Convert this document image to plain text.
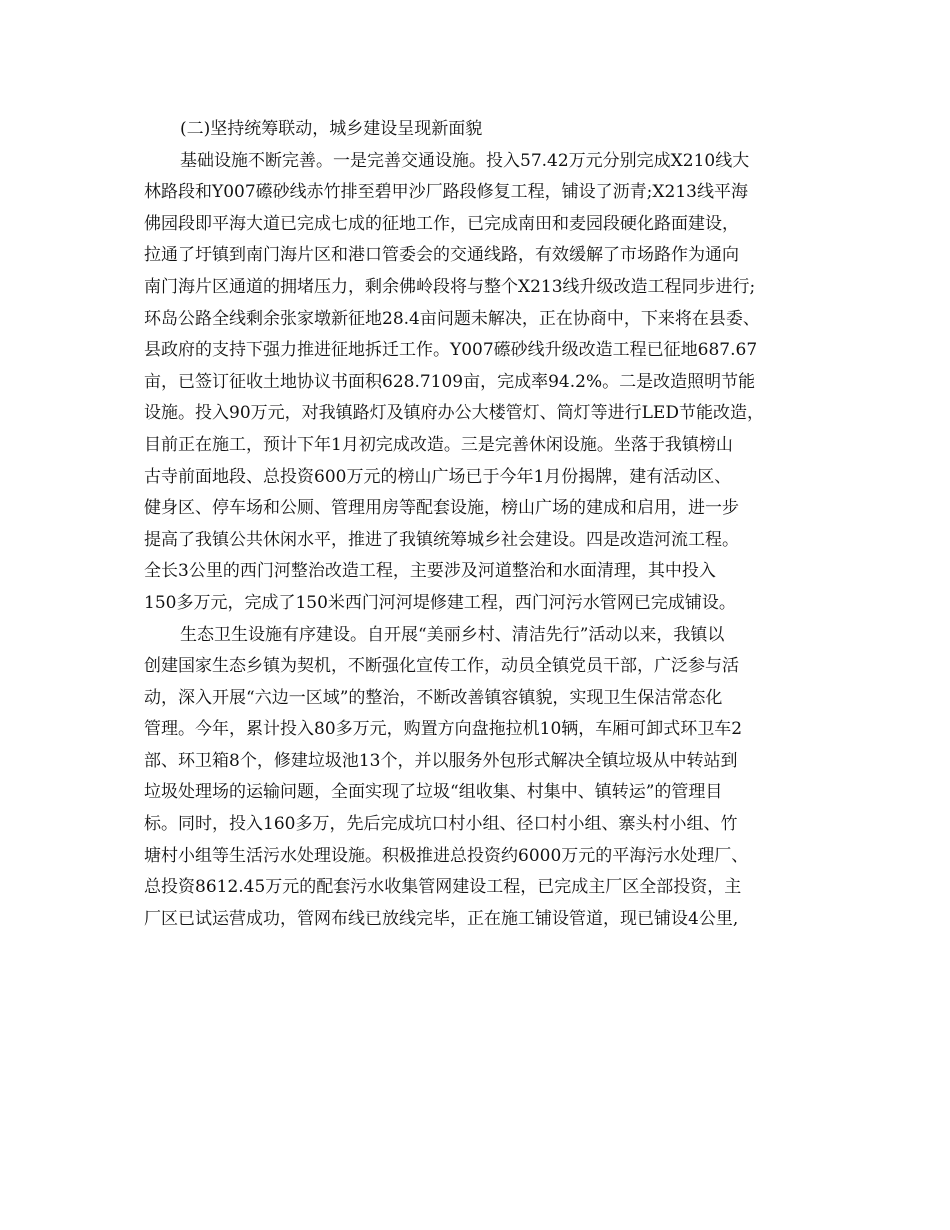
(二)坚持统筹联动，城乡建设呈现新面貌
基础设施不断完善。一是完善交通设施。投入57.42万元分别完成X210线大
林路段和Y007礤砂线赤竹排至碧甲沙厂路段修复工程，铺设了沥青;X213线平海
佛园段即平海大道已完成七成的征地工作，已完成南田和麦园段硬化路面建设，
拉通了圩镇到南门海片区和港口管委会的交通线路，有效缓解了市场路作为通向
南门海片区通道的拥堵压力，剩余佛岭段将与整个X213线升级改造工程同步进行;
环岛公路全线剩余张家墩新征地28.4亩问题未解决，正在协商中，下来将在县委、
县政府的支持下强力推进征地拆迁工作。Y007礤砂线升级改造工程已征地687.67
亩，已签订征收土地协议书面积628.7109亩，完成率94.2%。二是改造照明节能
设施。投入90万元，对我镇路灯及镇府办公大楼管灯、筒灯等进行LED节能改造，
目前正在施工，预计下年1月初完成改造。三是完善休闲设施。坐落于我镇榜山
古寺前面地段、总投资600万元的榜山广场已于今年1月份揭牌，建有活动区、
健身区、停车场和公厕、管理用房等配套设施，榜山广场的建成和启用，进一步
提高了我镇公共休闲水平，推进了我镇统筹城乡社会建设。四是改造河流工程。
全长3公里的西门河整治改造工程，主要涉及河道整治和水面清理，其中投入
150多万元，完成了150米西门河河堤修建工程，西门河污水管网已完成铺设。
生态卫生设施有序建设。自开展“美丽乡村、清洁先行”活动以来，我镇以
创建国家生态乡镇为契机，不断强化宣传工作，动员全镇党员干部，广泛参与活
动，深入开展“六边一区域”的整治，不断改善镇容镇貌，实现卫生保洁常态化
管理。今年，累计投入80多万元，购置方向盘拖拉机10辆，车厢可卸式环卫车2
部、环卫箱8个，修建垃圾池13个，并以服务外包形式解决全镇垃圾从中转站到
垃圾处理场的运输问题，全面实现了垃圾“组收集、村集中、镇转运”的管理目
标。同时，投入160多万，先后完成坑口村小组、径口村小组、寨头村小组、竹
塘村小组等生活污水处理设施。积极推进总投资约6000万元的平海污水处理厂、
总投资8612.45万元的配套污水收集管网建设工程，已完成主厂区全部投资，主
厂区已试运营成功，管网布线已放线完毕，正在施工铺设管道，现已铺设4公里,
